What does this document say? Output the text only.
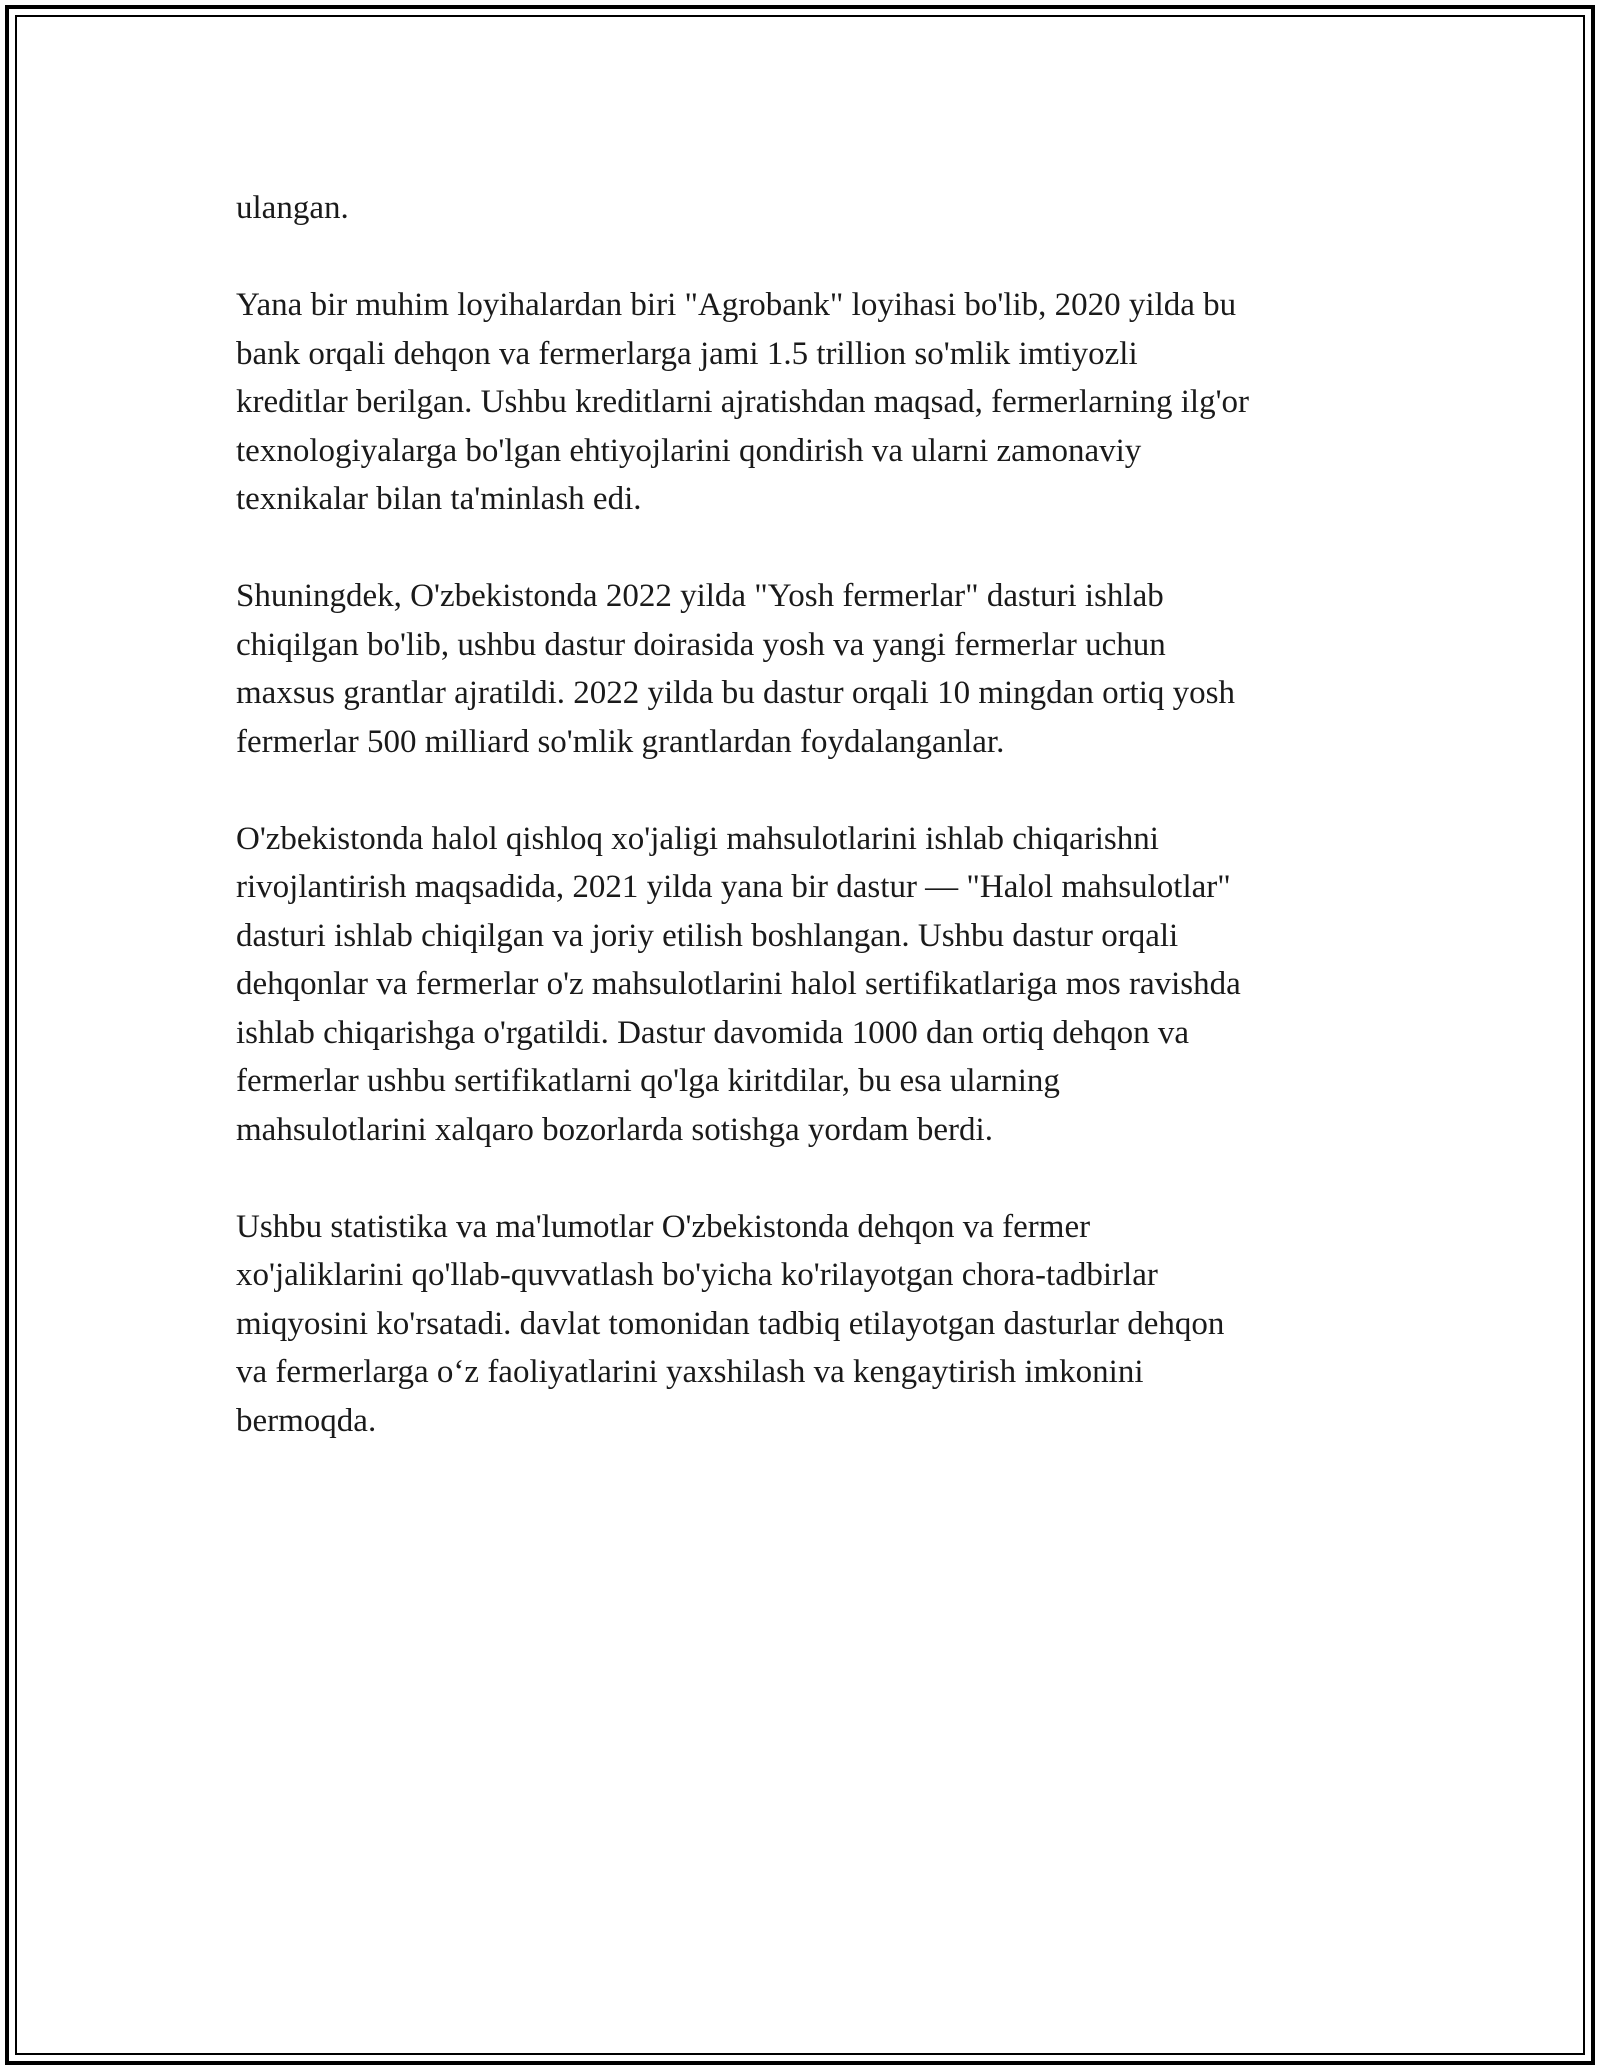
ulangan.

Yana bir muhim loyihalardan biri "Agrobank" loyihasi bo'lib, 2020 yilda bu
bank orqali dehqon va fermerlarga jami 1.5 trillion so'mlik imtiyozli
kreditlar berilgan. Ushbu kreditlarni ajratishdan maqsad, fermerlarning ilg'or
texnologiyalarga bo'lgan ehtiyojlarini qondirish va ularni zamonaviy
texnikalar bilan ta'minlash edi.

Shuningdek, O'zbekistonda 2022 yilda "Yosh fermerlar" dasturi ishlab
chiqilgan bo'lib, ushbu dastur doirasida yosh va yangi fermerlar uchun
maxsus grantlar ajratildi. 2022 yilda bu dastur orqali 10 mingdan ortiq yosh
fermerlar 500 milliard so'mlik grantlardan foydalanganlar.

O'zbekistonda halol qishloq xo'jaligi mahsulotlarini ishlab chiqarishni
rivojlantirish maqsadida, 2021 yilda yana bir dastur — "Halol mahsulotlar"
dasturi ishlab chiqilgan va joriy etilish boshlangan. Ushbu dastur orqali
dehqonlar va fermerlar o'z mahsulotlarini halol sertifikatlariga mos ravishda
ishlab chiqarishga o'rgatildi. Dastur davomida 1000 dan ortiq dehqon va
fermerlar ushbu sertifikatlarni qo'lga kiritdilar, bu esa ularning
mahsulotlarini xalqaro bozorlarda sotishga yordam berdi.

Ushbu statistika va ma'lumotlar O'zbekistonda dehqon va fermer
xo'jaliklarini qo'llab-quvvatlash bo'yicha ko'rilayotgan chora-tadbirlar
miqyosini ko'rsatadi. davlat tomonidan tadbiq etilayotgan dasturlar dehqon
va fermerlarga o‘z faoliyatlarini yaxshilash va kengaytirish imkonini
bermoqda.
